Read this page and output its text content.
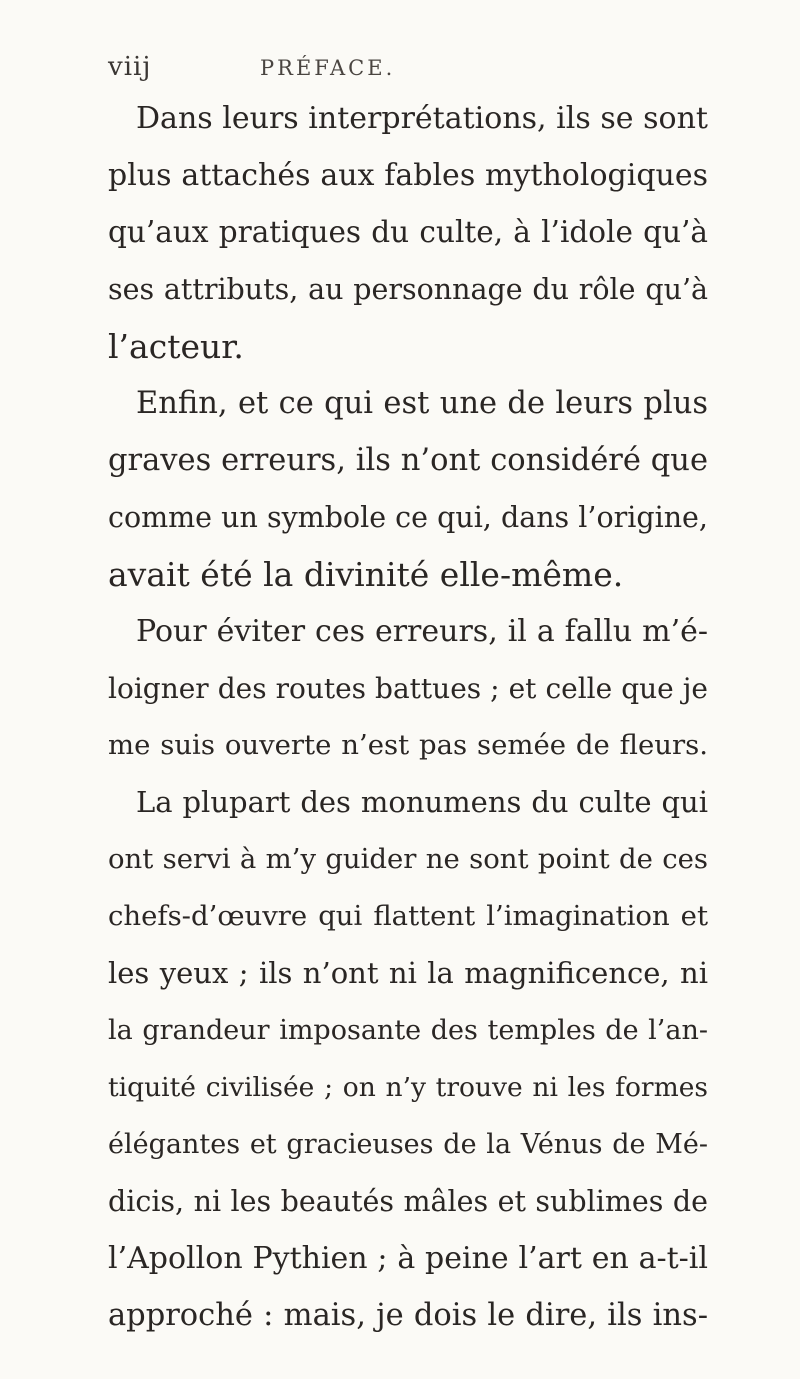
viij	PRÉFACE.
Dans leurs interprétations, ils se sont
plus attachés aux fables mythologiques
qu’aux pratiques du culte, à l’idole qu’à
ses attributs, au personnage du rôle qu’à
l’acteur.
Enfin, et ce qui est une de leurs plus
graves erreurs, ils n’ont considéré que
comme un symbole ce qui, dans l’origine,
avait été la divinité elle-même.
Pour éviter ces erreurs, il a fallu m’é-
loigner des routes battues ; et celle que je
me suis ouverte n’est pas semée de fleurs.
La plupart des monumens du culte qui
ont servi à m’y guider ne sont point de ces
chefs-d’œuvre qui flattent l’imagination et
les yeux ; ils n’ont ni la magnificence, ni
la grandeur imposante des temples de l’an-
tiquité civilisée ; on n’y trouve ni les formes
élégantes et gracieuses de la Vénus de Mé-
dicis, ni les beautés mâles et sublimes de
l’Apollon Pythien ; à peine l’art en a-t-il
approché : mais, je dois le dire, ils ins-
